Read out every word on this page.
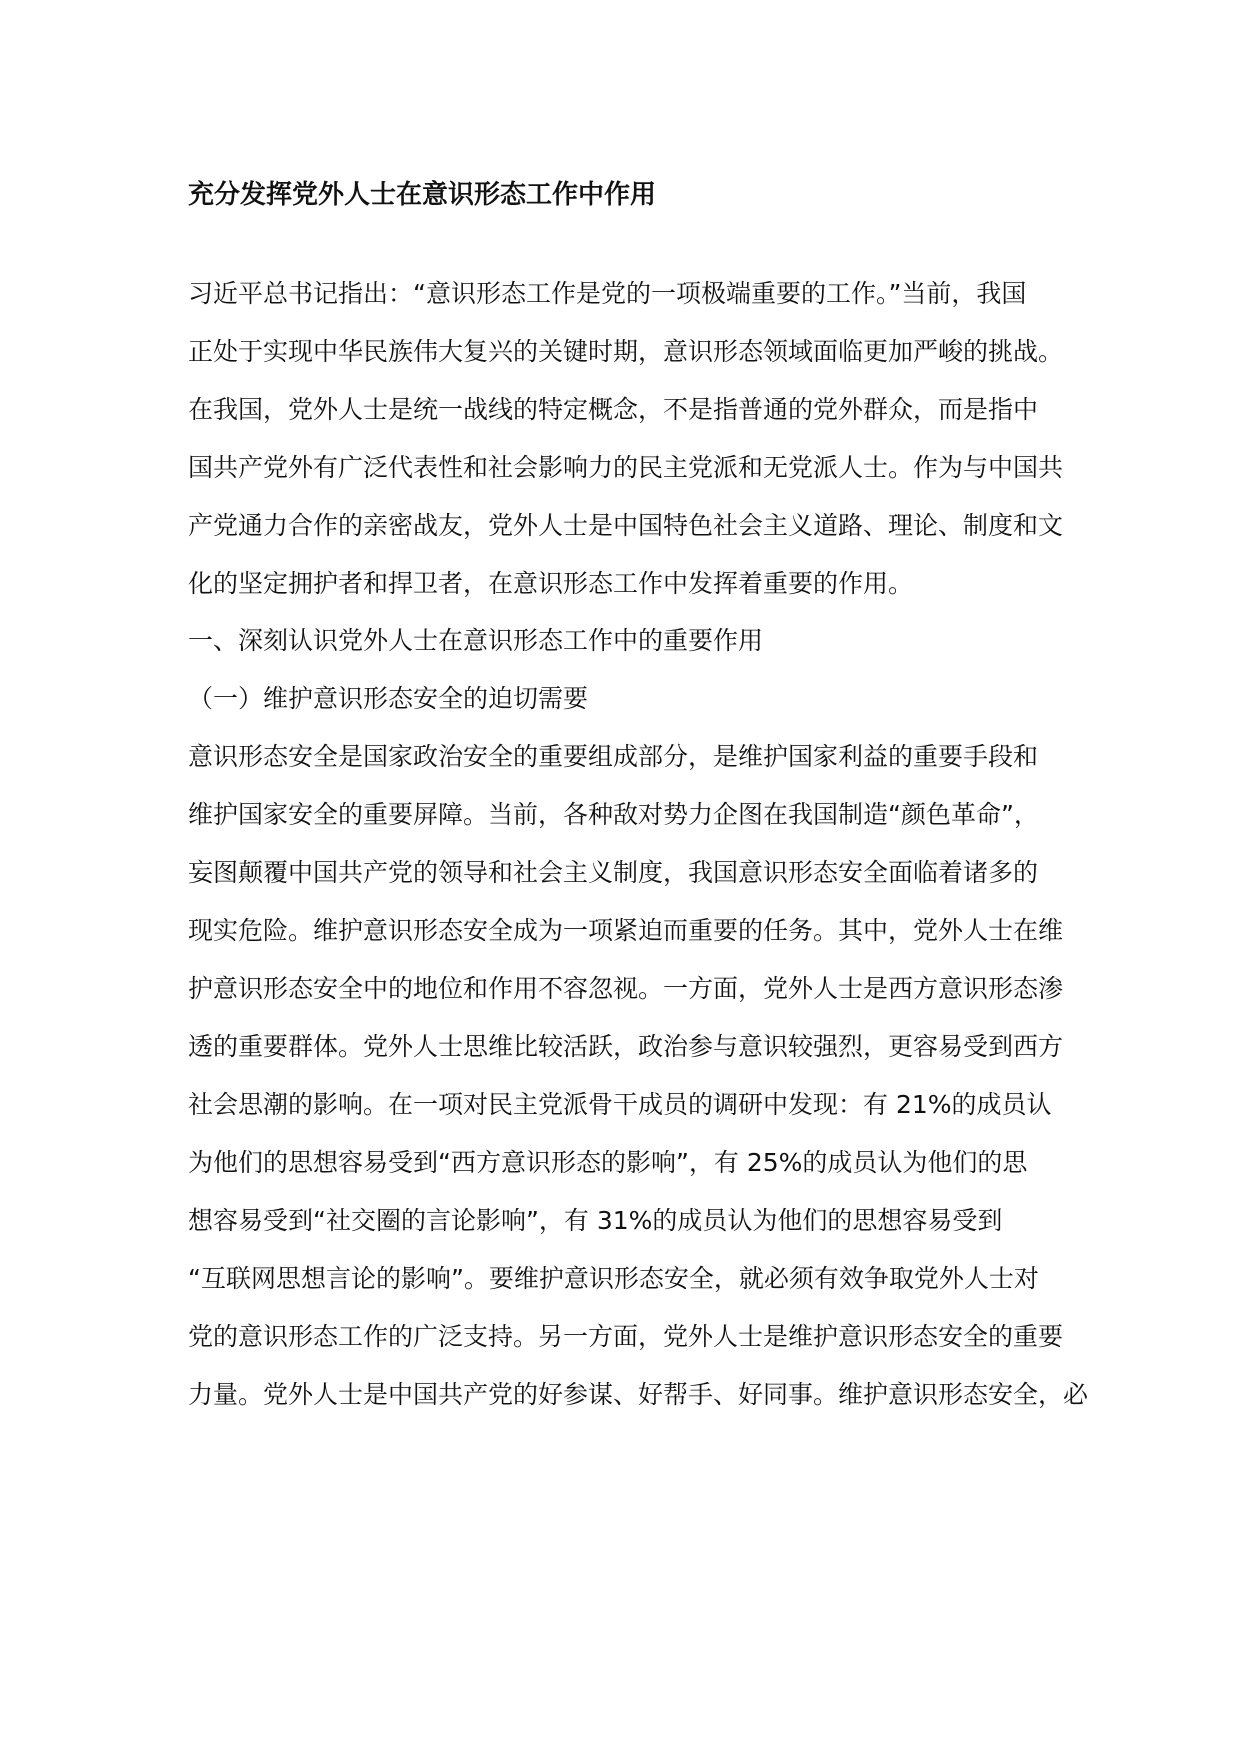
充分发挥党外人士在意识形态工作中作用

习近平总书记指出：“意识形态工作是党的一项极端重要的工作。”当前，我国

正处于实现中华民族伟大复兴的关键时期，意识形态领域面临更加严峻的挑战。

在我国，党外人士是统一战线的特定概念，不是指普通的党外群众，而是指中

国共产党外有广泛代表性和社会影响力的民主党派和无党派人士。作为与中国共

产党通力合作的亲密战友，党外人士是中国特色社会主义道路、理论、制度和文

化的坚定拥护者和捍卫者，在意识形态工作中发挥着重要的作用。

一、深刻认识党外人士在意识形态工作中的重要作用

（一）维护意识形态安全的迫切需要

意识形态安全是国家政治安全的重要组成部分，是维护国家利益的重要手段和

维护国家安全的重要屏障。当前，各种敌对势力企图在我国制造“颜色革命”，

妄图颠覆中国共产党的领导和社会主义制度，我国意识形态安全面临着诸多的

现实危险。维护意识形态安全成为一项紧迫而重要的任务。其中，党外人士在维

护意识形态安全中的地位和作用不容忽视。一方面，党外人士是西方意识形态渗

透的重要群体。党外人士思维比较活跃，政治参与意识较强烈，更容易受到西方

社会思潮的影响。在一项对民主党派骨干成员的调研中发现：有 21%的成员认

为他们的思想容易受到“西方意识形态的影响”，有 25%的成员认为他们的思

想容易受到“社交圈的言论影响”，有 31%的成员认为他们的思想容易受到

“互联网思想言论的影响”。要维护意识形态安全，就必须有效争取党外人士对

党的意识形态工作的广泛支持。另一方面，党外人士是维护意识形态安全的重要

力量。党外人士是中国共产党的好参谋、好帮手、好同事。维护意识形态安全，必
